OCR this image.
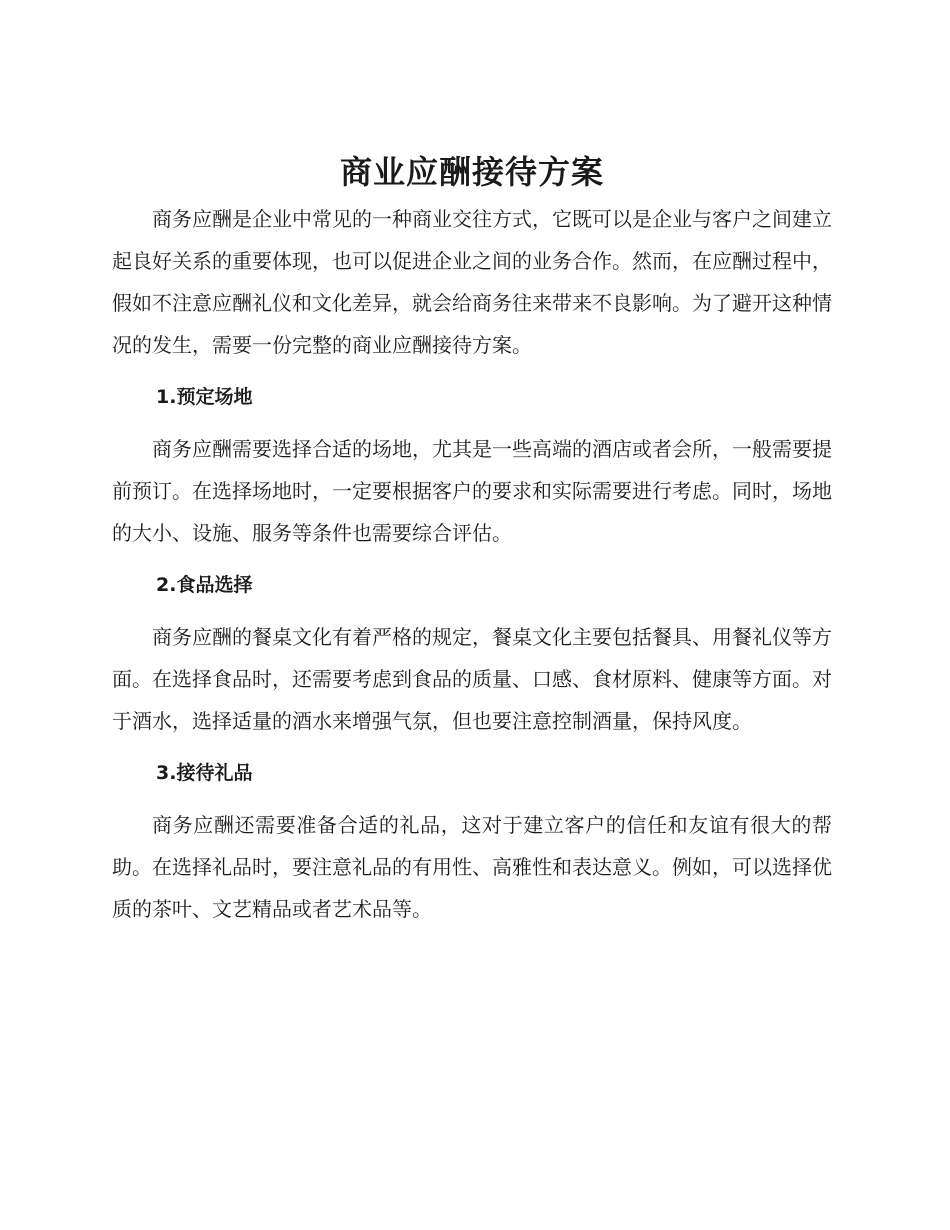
商业应酬接待方案

商务应酬是企业中常见的一种商业交往方式，它既可以是企业与客户之间建立起良好关系的重要体现，也可以促进企业之间的业务合作。然而，在应酬过程中，假如不注意应酬礼仪和文化差异，就会给商务往来带来不良影响。为了避开这种情况的发生，需要一份完整的商业应酬接待方案。

1.预定场地

商务应酬需要选择合适的场地，尤其是一些高端的酒店或者会所，一般需要提前预订。在选择场地时，一定要根据客户的要求和实际需要进行考虑。同时，场地的大小、设施、服务等条件也需要综合评估。

2.食品选择

商务应酬的餐桌文化有着严格的规定，餐桌文化主要包括餐具、用餐礼仪等方面。在选择食品时，还需要考虑到食品的质量、口感、食材原料、健康等方面。对于酒水，选择适量的酒水来增强气氛，但也要注意控制酒量，保持风度。

3.接待礼品

商务应酬还需要准备合适的礼品，这对于建立客户的信任和友谊有很大的帮助。在选择礼品时，要注意礼品的有用性、高雅性和表达意义。例如，可以选择优质的茶叶、文艺精品或者艺术品等。
